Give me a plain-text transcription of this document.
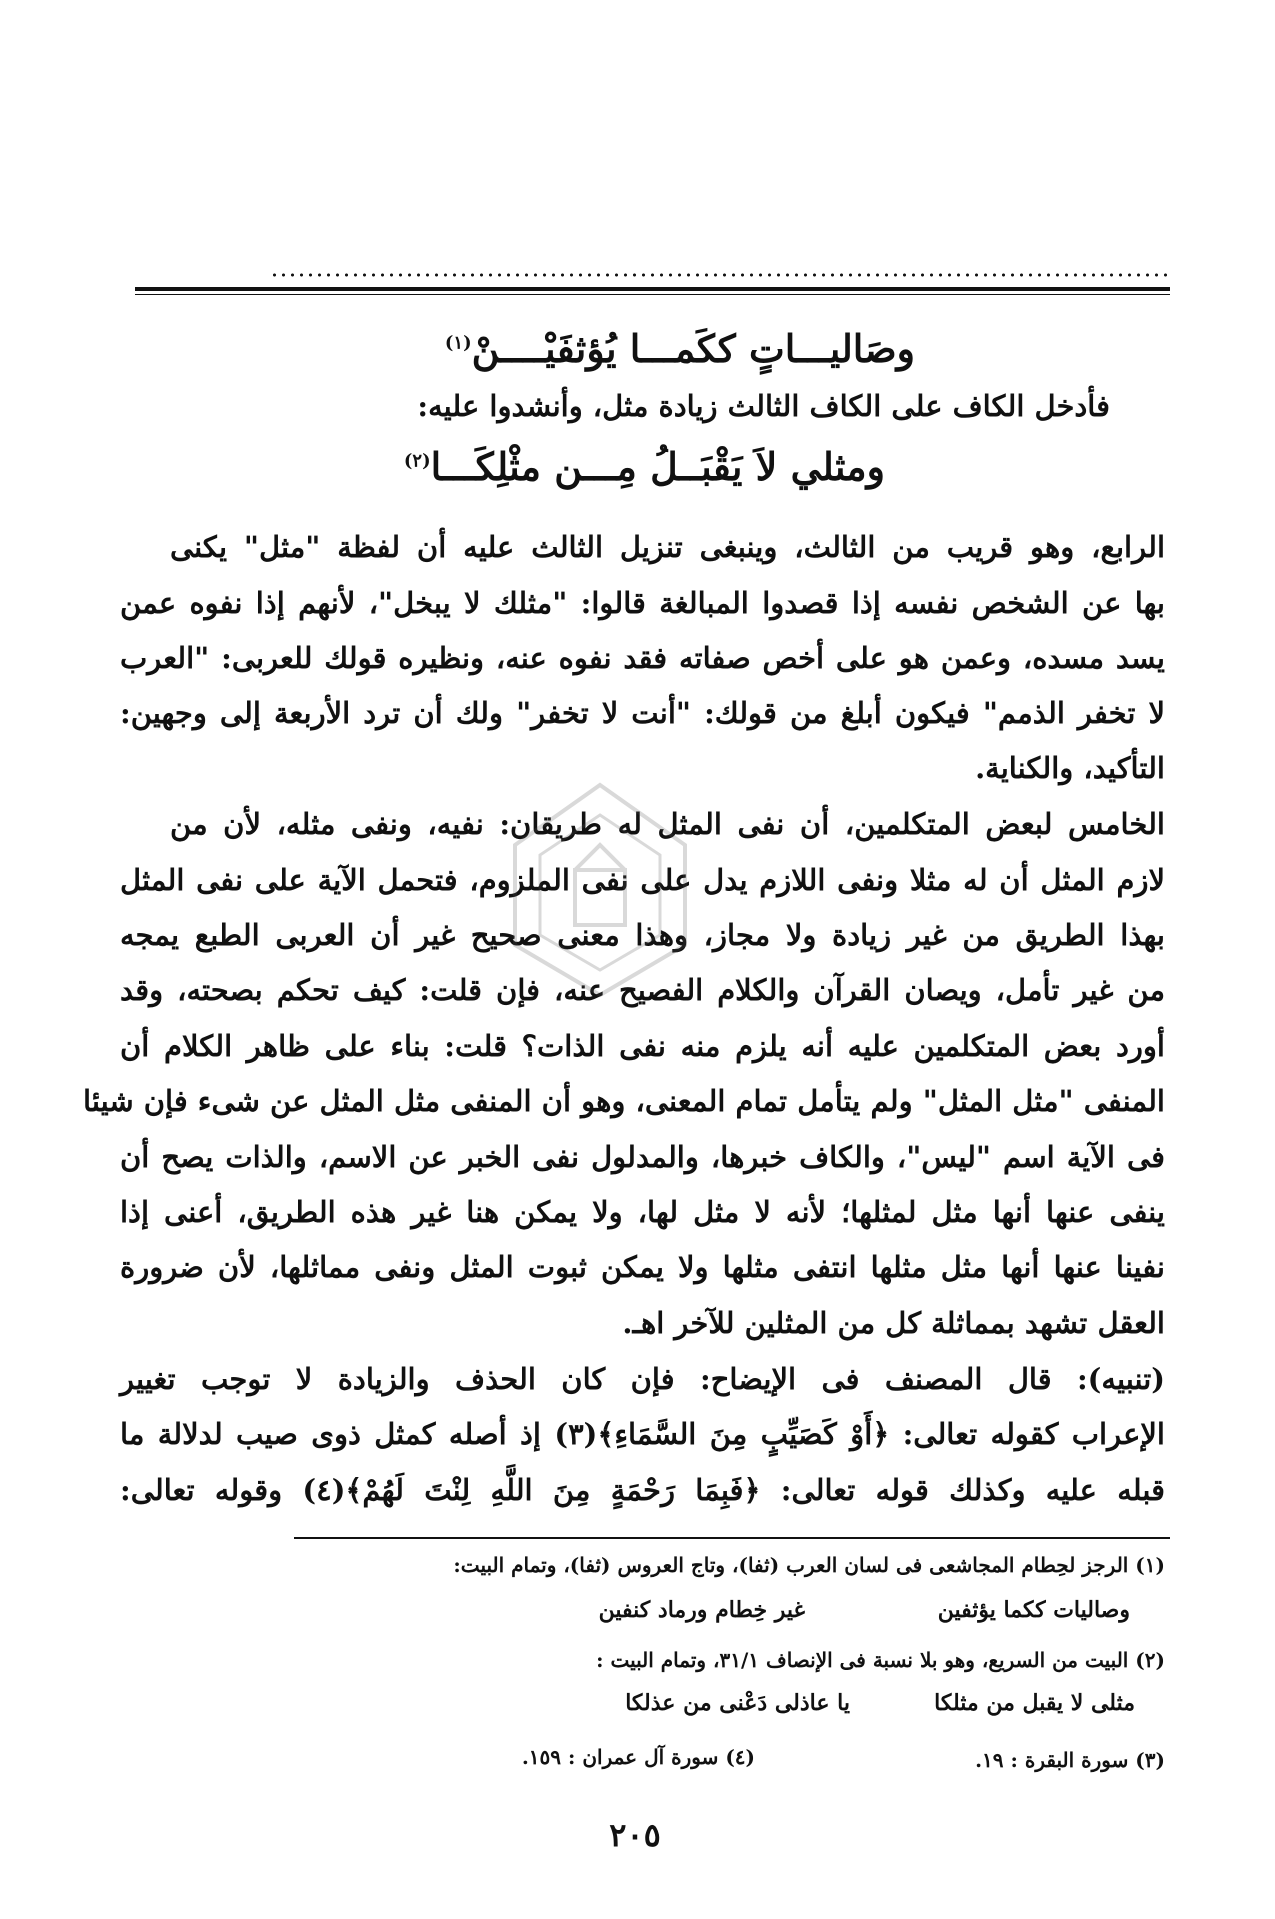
وصَاليـــاتٍ ككَمـــا يُؤثفَيْــــنْ$^{(١)}$
فأدخل الكاف على الكاف الثالث زيادة مثل، وأنشدوا عليه:
ومثلي لاَ يَقْبَــلُ مِـــن مثْلِكَـــا$^{(٢)}$
الرابع، وهو قريب من الثالث، وينبغى تنزيل الثالث عليه أن لفظة "مثل" يكنى
بها عن الشخص نفسه إذا قصدوا المبالغة قالوا: "مثلك لا يبخل"، لأنهم إذا نفوه عمن
يسد مسده، وعمن هو على أخص صفاته فقد نفوه عنه، ونظيره قولك للعربى: "العرب
لا تخفر الذمم" فيكون أبلغ من قولك: "أنت لا تخفر" ولك أن ترد الأربعة إلى وجهين:
التأكيد، والكناية.
الخامس لبعض المتكلمين، أن نفى المثل له طريقان: نفيه، ونفى مثله، لأن من
لازم المثل أن له مثلا ونفى اللازم يدل على نفى الملزوم، فتحمل الآية على نفى المثل
بهذا الطريق من غير زيادة ولا مجاز، وهذا معنى صحيح غير أن العربى الطبع يمجه
من غير تأمل، ويصان القرآن والكلام الفصيح عنه، فإن قلت: كيف تحكم بصحته، وقد
أورد بعض المتكلمين عليه أنه يلزم منه نفى الذات؟ قلت: بناء على ظاهر الكلام أن
المنفى "مثل المثل" ولم يتأمل تمام المعنى، وهو أن المنفى مثل المثل عن شىء فإن شيئا
فى الآية اسم "ليس"، والكاف خبرها، والمدلول نفى الخبر عن الاسم، والذات يصح أن
ينفى عنها أنها مثل لمثلها؛ لأنه لا مثل لها، ولا يمكن هنا غير هذه الطريق، أعنى إذا
نفينا عنها أنها مثل مثلها انتفى مثلها ولا يمكن ثبوت المثل ونفى مماثلها، لأن ضرورة
العقل تشهد بمماثلة كل من المثلين للآخر اهـ.
(تنبيه): قال المصنف فى الإيضاح: فإن كان الحذف والزيادة لا توجب تغيير
الإعراب كقوله تعالى: ﴿أَوْ كَصَيِّبٍ مِنَ السَّمَاءِ﴾(٣) إذ أصله كمثل ذوى صيب لدلالة ما
قبله عليه وكذلك قوله تعالى: ﴿فَبِمَا رَحْمَةٍ مِنَ اللَّهِ لِنْتَ لَهُمْ﴾(٤) وقوله تعالى:
(١) الرجز لحِطام المجاشعى فى لسان العرب (ثفا)، وتاج العروس (ثفا)، وتمام البيت:
وصاليات ككما يؤثفين
غير خِطام ورماد كنفين
(٢) البيت من السريع، وهو بلا نسبة فى الإنصاف ٣١/١، وتمام البيت :
مثلى لا يقبل من مثلكا
يا عاذلى دَعْنى من عذلكا
(٣) سورة البقرة : ١٩.
(٤) سورة آل عمران : ١٥٩.
٢٠٥
